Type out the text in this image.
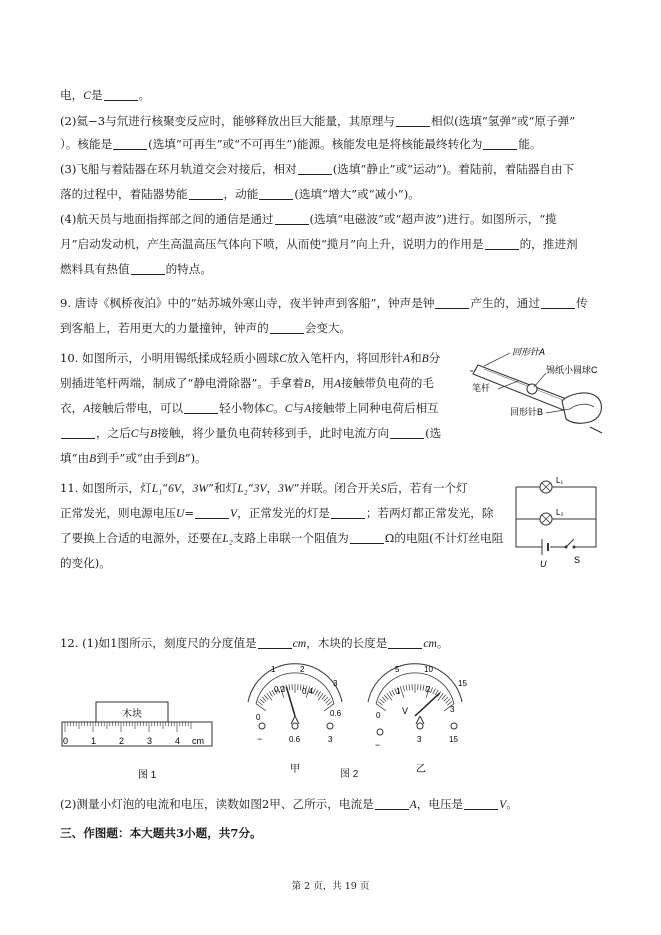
电，C是	。
(2)氦−3与氘进行核聚变反应时，能够释放出巨大能量，其原理与	相似(选填“氢弹”或“原子弹”
）。核能是	(选填“可再生”或“不可再生”)能源。核能发电是将核能最终转化为	能。
(3)飞船与着陆器在环月轨道交会对接后，相对	(选填“静止”或“运动”)。着陆前，着陆器自由下
落的过程中，着陆器势能	，动能	(选填“增大”或“减小”)。
(4)航天员与地面指挥部之间的通信是通过	(选填“电磁波”或“超声波”)进行。如图所示，“揽
月”启动发动机，产生高温高压气体向下喷，从而使“揽月”向上升，说明力的作用是	的，推进剂
燃料具有热值	的特点。
9. 唐诗《枫桥夜泊》中的“姑苏城外寒山寺，夜半钟声到客船”，钟声是钟	产生的，通过	传
到客船上，若用更大的力量撞钟，钟声的	会变大。
10. 如图所示，小明用锡纸揉成轻质小圆球C放入笔杆内，将回形针A和B分
别插进笔杆两端，制成了“静电滑除器”。手拿着B，用A接触带负电荷的毛
衣，A接触后带电，可以	轻小物体C。C与A接触带上同种电荷后相互
，之后C与B接触，将少量负电荷转移到手，此时电流方向	(选
填“由B到手”或“由手到B”)。
11. 如图所示，灯L₁“6V，3W”和灯L₂“3V，3W”并联。闭合开关S后，若有一个灯
正常发光，则电源电压U=	V，正常发光的灯是	；若两灯都正常发光，除
了要换上合适的电源外，还要在L₂支路上串联一个阻值为	Ω的电阻(不计灯丝电阻
的变化)。
12. (1)如1图所示，刻度尺的分度值是	cm，木块的长度是	cm。
(2)测量小灯泡的电流和电压，读数如图2甲、乙所示，电流是	A，电压是	V。
三、作图题：本大题共3小题，共7分。
回形针A
锡纸小圆球C
笔杆
回形针B
L₁
L₂
U	S
木块
0	1	2	3	4 cm
图 1
1	2
3
0
0.2 0.4
0.6
−	0.6	3
甲	图 2
5	10
15
0
1	2
3
V
−
3	15
乙
第 2 页，共 19 页
